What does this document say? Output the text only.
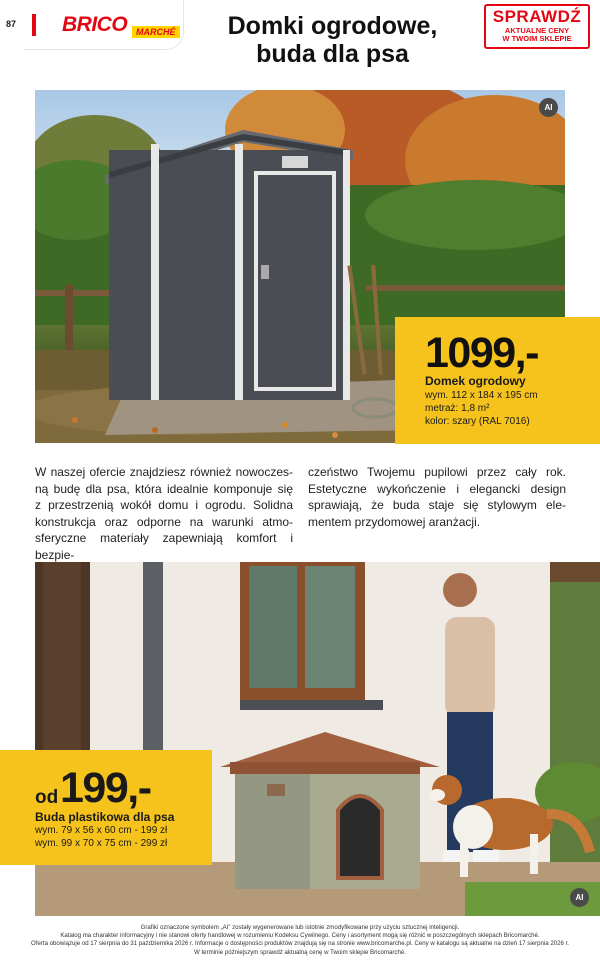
87 BRICO MARCHÉ	Domki ogrodowe,
buda dla psa
SPRAWDŹ
AKTUALNE CENY
W TWOIM SKLEPIE
AI
1099,-
Domek ogrodowy
wym. 112 x 184 x 195 cm
metraż: 1,8 m²
kolor: szary (RAL 7016)
W naszej ofercie znajdziesz również nowoczes-
ną budę dla psa, która idealnie komponuje się
z przestrzenią wokół domu i ogrodu. Solidna
konstrukcja oraz odporne na warunki atmo-
sferyczne materiały zapewniają komfort i bezpie-
czeństwo Twojemu pupilowi przez cały rok.
Estetyczne wykończenie i elegancki design
sprawiają, że buda staje się stylowym ele-
mentem przydomowej aranżacji.
AI
od 199,-
Buda plastikowa dla psa
wym. 79 x 56 x 60 cm - 199 zł
wym. 99 x 70 x 75 cm - 299 zł
Grafiki oznaczone symbolem „AI” zostały wygenerowane lub istotnie zmodyfikowane przy użyciu sztucznej inteligencji.
Katalog ma charakter informacyjny i nie stanowi oferty handlowej w rozumieniu Kodeksu Cywilnego. Ceny i asortyment mogą się różnić w poszczególnych sklepach Bricomarché.
Oferta obowiązuje od 17 sierpnia do 31 października 2026 r. Informacje o dostępności produktów znajdują się na stronie www.bricomarche.pl. Ceny w katalogu są aktualne na dzień 17 sierpnia 2026 r.
W terminie późniejszym sprawdź aktualną cenę w Twoim sklepie Bricomarché.
